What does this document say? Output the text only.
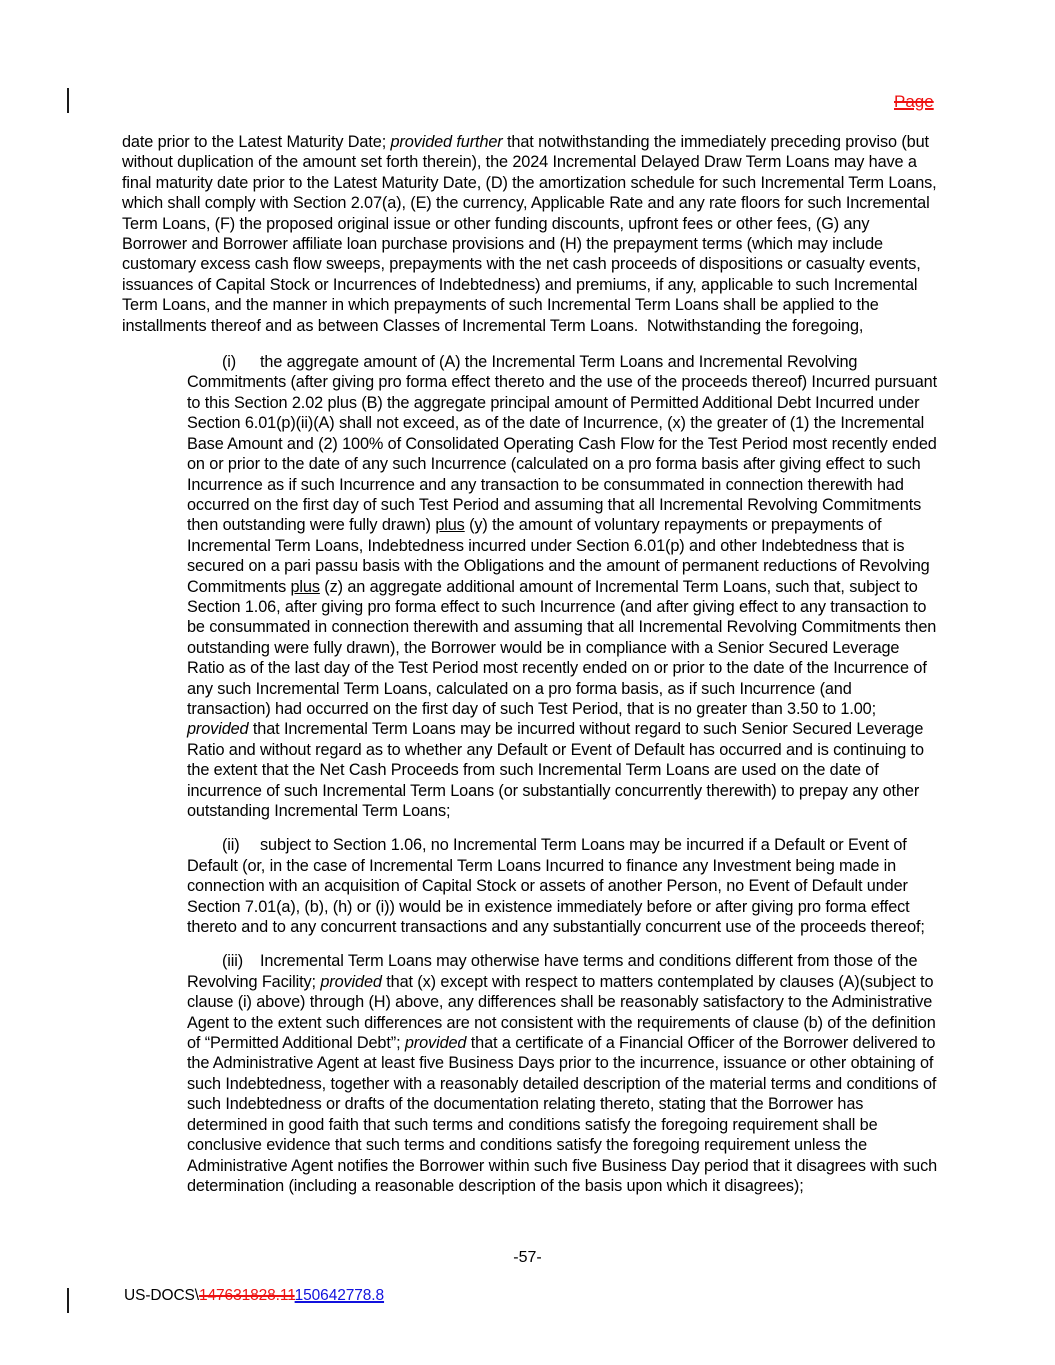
Page

date prior to the Latest Maturity Date; provided further that notwithstanding the immediately preceding proviso (but without duplication of the amount set forth therein), the 2024 Incremental Delayed Draw Term Loans may have a final maturity date prior to the Latest Maturity Date, (D) the amortization schedule for such Incremental Term Loans, which shall comply with Section 2.07(a), (E) the currency, Applicable Rate and any rate floors for such Incremental Term Loans, (F) the proposed original issue or other funding discounts, upfront fees or other fees, (G) any Borrower and Borrower affiliate loan purchase provisions and (H) the prepayment terms (which may include customary excess cash flow sweeps, prepayments with the net cash proceeds of dispositions or casualty events, issuances of Capital Stock or Incurrences of Indebtedness) and premiums, if any, applicable to such Incremental Term Loans, and the manner in which prepayments of such Incremental Term Loans shall be applied to the installments thereof and as between Classes of Incremental Term Loans.  Notwithstanding the foregoing,

(i) the aggregate amount of (A) the Incremental Term Loans and Incremental Revolving Commitments (after giving pro forma effect thereto and the use of the proceeds thereof) Incurred pursuant to this Section 2.02 plus (B) the aggregate principal amount of Permitted Additional Debt Incurred under Section 6.01(p)(ii)(A) shall not exceed, as of the date of Incurrence, (x) the greater of (1) the Incremental Base Amount and (2) 100% of Consolidated Operating Cash Flow for the Test Period most recently ended on or prior to the date of any such Incurrence (calculated on a pro forma basis after giving effect to such Incurrence as if such Incurrence and any transaction to be consummated in connection therewith had occurred on the first day of such Test Period and assuming that all Incremental Revolving Commitments then outstanding were fully drawn) plus (y) the amount of voluntary repayments or prepayments of Incremental Term Loans, Indebtedness incurred under Section 6.01(p) and other Indebtedness that is secured on a pari passu basis with the Obligations and the amount of permanent reductions of Revolving Commitments plus (z) an aggregate additional amount of Incremental Term Loans, such that, subject to Section 1.06, after giving pro forma effect to such Incurrence (and after giving effect to any transaction to be consummated in connection therewith and assuming that all Incremental Revolving Commitments then outstanding were fully drawn), the Borrower would be in compliance with a Senior Secured Leverage Ratio as of the last day of the Test Period most recently ended on or prior to the date of the Incurrence of any such Incremental Term Loans, calculated on a pro forma basis, as if such Incurrence (and transaction) had occurred on the first day of such Test Period, that is no greater than 3.50 to 1.00; provided that Incremental Term Loans may be incurred without regard to such Senior Secured Leverage Ratio and without regard as to whether any Default or Event of Default has occurred and is continuing to the extent that the Net Cash Proceeds from such Incremental Term Loans are used on the date of incurrence of such Incremental Term Loans (or substantially concurrently therewith) to prepay any other outstanding Incremental Term Loans;

(ii) subject to Section 1.06, no Incremental Term Loans may be incurred if a Default or Event of Default (or, in the case of Incremental Term Loans Incurred to finance any Investment being made in connection with an acquisition of Capital Stock or assets of another Person, no Event of Default under Section 7.01(a), (b), (h) or (i)) would be in existence immediately before or after giving pro forma effect thereto and to any concurrent transactions and any substantially concurrent use of the proceeds thereof;

(iii) Incremental Term Loans may otherwise have terms and conditions different from those of the Revolving Facility; provided that (x) except with respect to matters contemplated by clauses (A)(subject to clause (i) above) through (H) above, any differences shall be reasonably satisfactory to the Administrative Agent to the extent such differences are not consistent with the requirements of clause (b) of the definition of “Permitted Additional Debt”; provided that a certificate of a Financial Officer of the Borrower delivered to the Administrative Agent at least five Business Days prior to the incurrence, issuance or other obtaining of such Indebtedness, together with a reasonably detailed description of the material terms and conditions of such Indebtedness or drafts of the documentation relating thereto, stating that the Borrower has determined in good faith that such terms and conditions satisfy the foregoing requirement shall be conclusive evidence that such terms and conditions satisfy the foregoing requirement unless the Administrative Agent notifies the Borrower within such five Business Day period that it disagrees with such determination (including a reasonable description of the basis upon which it disagrees);

-57-
US-DOCS\147631828.11150642778.8
